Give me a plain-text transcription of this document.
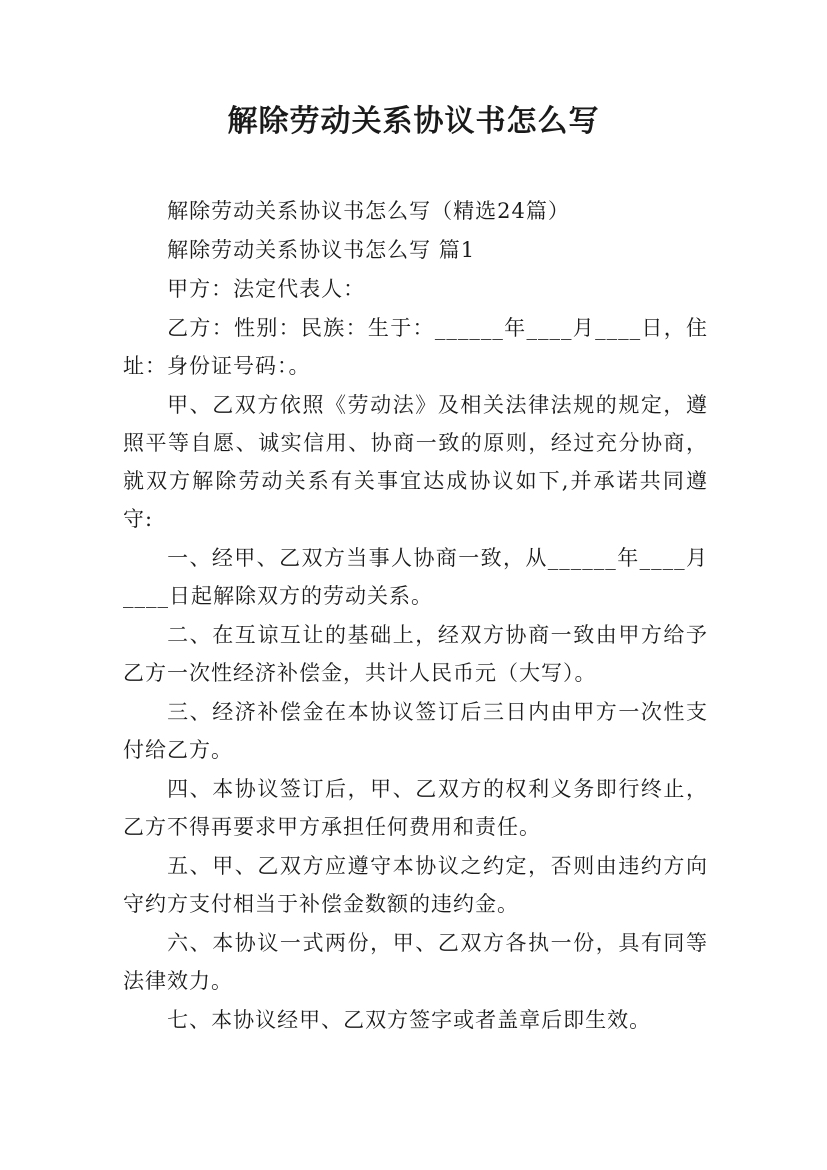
解除劳动关系协议书怎么写

解除劳动关系协议书怎么写（精选24篇）

解除劳动关系协议书怎么写 篇1

甲方：法定代表人：

乙方：性别：民族：生于：______年____月____日，住址：身份证号码：。

甲、乙双方依照《劳动法》及相关法律法规的规定，遵照平等自愿、诚实信用、协商一致的原则，经过充分协商，就双方解除劳动关系有关事宜达成协议如下,并承诺共同遵守:

一、经甲、乙双方当事人协商一致，从______年____月____日起解除双方的劳动关系。

二、在互谅互让的基础上，经双方协商一致由甲方给予乙方一次性经济补偿金，共计人民币元（大写）。

三、经济补偿金在本协议签订后三日内由甲方一次性支付给乙方。

四、本协议签订后，甲、乙双方的权利义务即行终止，乙方不得再要求甲方承担任何费用和责任。

五、甲、乙双方应遵守本协议之约定，否则由违约方向守约方支付相当于补偿金数额的违约金。

六、本协议一式两份，甲、乙双方各执一份，具有同等法律效力。

七、本协议经甲、乙双方签字或者盖章后即生效。
